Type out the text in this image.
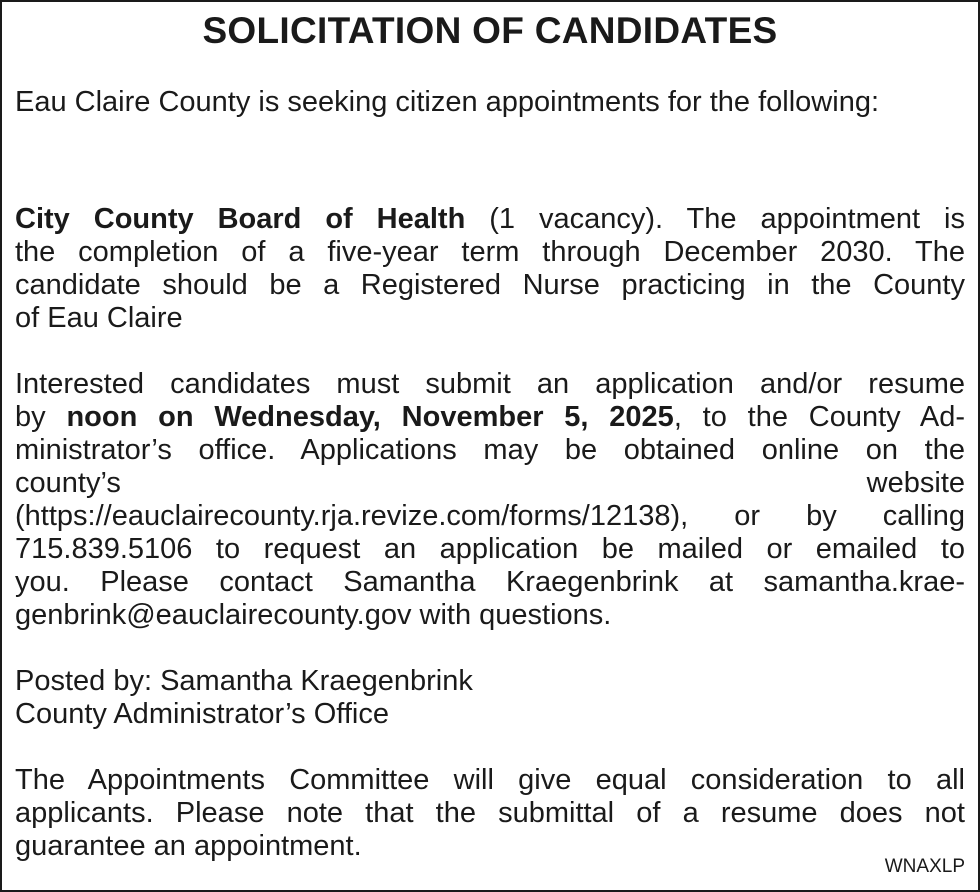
SOLICITATION OF CANDIDATES

Eau Claire County is seeking citizen appointments for the following:

City County Board of Health (1 vacancy). The appointment is
the completion of a five-year term through December 2030. The
candidate should be a Registered Nurse practicing in the County
of Eau Claire

Interested candidates must submit an application and/or resume
by noon on Wednesday, November 5, 2025, to the County Ad-
ministrator’s office. Applications may be obtained online on the
county’s	website
(https://eauclairecounty.rja.revize.com/forms/12138), or by calling
715.839.5106 to request an application be mailed or emailed to
you. Please contact Samantha Kraegenbrink at samantha.krae-
genbrink@eauclairecounty.gov with questions.

Posted by: Samantha Kraegenbrink
County Administrator’s Office

The Appointments Committee will give equal consideration to all
applicants. Please note that the submittal of a resume does not
guarantee an appointment.

WNAXLP
